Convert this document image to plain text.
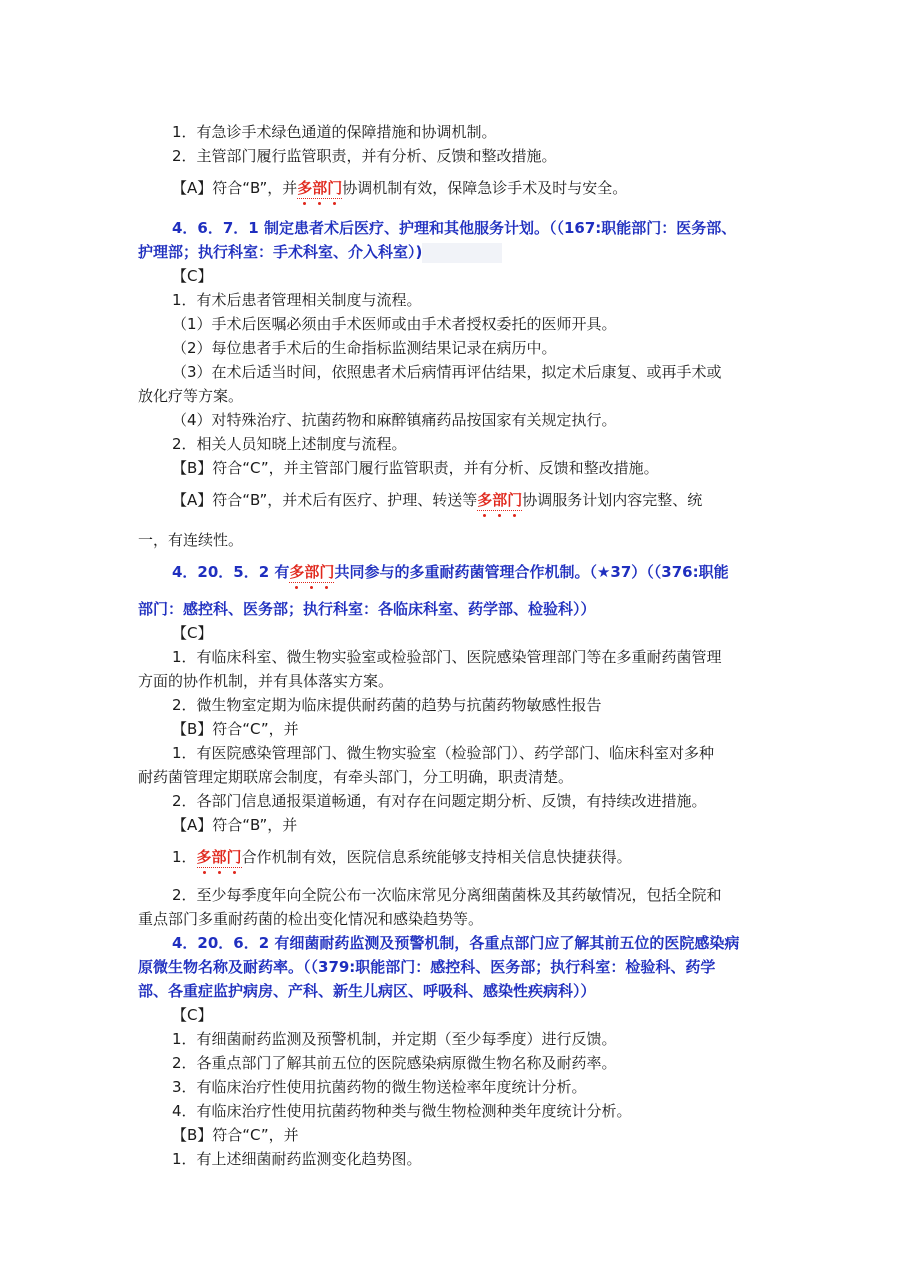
1．有急诊手术绿色通道的保障措施和协调机制。
2．主管部门履行监管职责，并有分析、反馈和整改措施。
【A】符合“B”，并多部门
协调机制有效，保障急诊手术及时与安全。
4．6．7．1 制定患者术后医疗、护理和其他服务计划。（（167:职能部门：医务部、
护理部；执行科室：手术科室、介入科室）)
【C】
1．有术后患者管理相关制度与流程。
（1）手术后医嘱必须由手术医师或由手术者授权委托的医师开具。
（2）每位患者手术后的生命指标监测结果记录在病历中。
（3）在术后适当时间，依照患者术后病情再评估结果，拟定术后康复、或再手术或
放化疗等方案。
（4）对特殊治疗、抗菌药物和麻醉镇痛药品按国家有关规定执行。
2．相关人员知晓上述制度与流程。
【B】符合“C”，并主管部门履行监管职责，并有分析、反馈和整改措施。
【A】符合“B”，并术后有医疗、护理、转送等多部门
协调服务计划内容完整、统
一，有连续性。
4．20．5．2 有多部门
共同参与的多重耐药菌管理合作机制。（★37）（（376:职能
部门：感控科、医务部；执行科室：各临床科室、药学部、检验科））
【C】
1．有临床科室、微生物实验室或检验部门、医院感染管理部门等在多重耐药菌管理
方面的协作机制，并有具体落实方案。
2．微生物室定期为临床提供耐药菌的趋势与抗菌药物敏感性报告
【B】符合“C”，并
1．有医院感染管理部门、微生物实验室（检验部门）、药学部门、临床科室对多种
耐药菌管理定期联席会制度，有牵头部门，分工明确，职责清楚。
2．各部门信息通报渠道畅通，有对存在问题定期分析、反馈，有持续改进措施。
【A】符合“B”，并
1．多部门
合作机制有效，医院信息系统能够支持相关信息快捷获得。
2．至少每季度年向全院公布一次临床常见分离细菌菌株及其药敏情况，包括全院和
重点部门多重耐药菌的检出变化情况和感染趋势等。
4．20．6．2 有细菌耐药监测及预警机制，各重点部门应了解其前五位的医院感染病
原微生物名称及耐药率。（（379:职能部门：感控科、医务部；执行科室：检验科、药学
部、各重症监护病房、产科、新生儿病区、呼吸科、感染性疾病科））
【C】
1．有细菌耐药监测及预警机制，并定期（至少每季度）进行反馈。
2．各重点部门了解其前五位的医院感染病原微生物名称及耐药率。
3．有临床治疗性使用抗菌药物的微生物送检率年度统计分析。
4．有临床治疗性使用抗菌药物种类与微生物检测种类年度统计分析。
【B】符合“C”，并
1．有上述细菌耐药监测变化趋势图。
